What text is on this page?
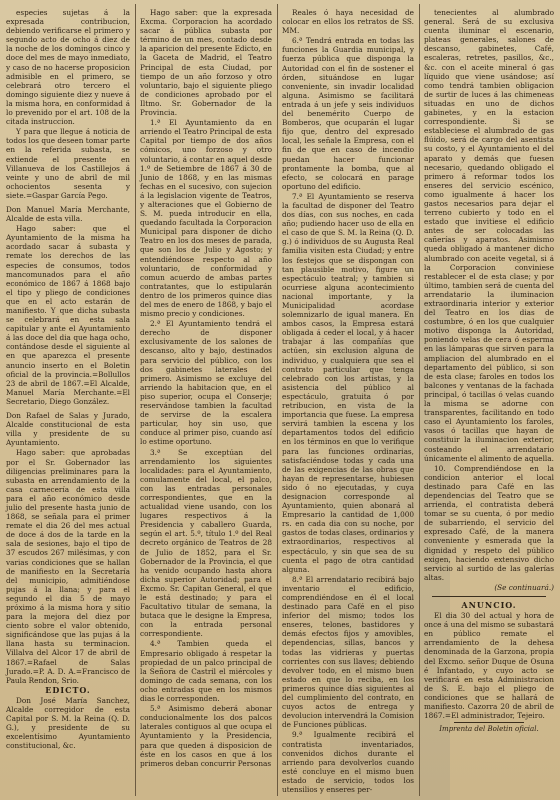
especies sujetas á la expresada contribucion, debiendo verificarse el primero y segundo acto de ocho á diez de la noche de los domingos cinco y doce del mes de mayo inmediato, y caso de no hacerse proposicion admisible en el primero, se celebrará otro tercero el domingo siguiente diez y nueve á la misma hora, en conformidad á lo prevenido por el art. 108 de la citada instruccion.

Y para que llegue á noticia de todos los que deseen tomar parte en la referida subasta, se extiende el presente en Villanueva de los Castillejos á veinte y uno de abril de mil ochocientos sesenta y siete.=Gaspar García Pego.

Don Manuel María Merchante, Alcalde de esta villa.

Hago saber: que el Ayuntamiento de la misma ha acordado sacar á subasta y remate los derechos de las especies de consumos, todos mancomunados para el año económico de 1867 á 1868 bajo el tipo y pliego de condiciones que en el acto estarán de manifiesto. Y que dicha subasta se celebrará en esta sala capitular y ante el Ayuntamiento á las doce del dia que haga ocho, contándose desde el siguiente al en que aparezca el presente anuncio inserto en el Boletin oficial de la provincia.=Bollullos 23 de abril de 1867.=El Alcalde, Manuel María Merchante.=El Secretario, Diego González.

Don Rafael de Salas y Jurado, Alcalde constitucional de esta villa y presidente de su Ayuntamiento.

Hago saber: que aprobadas por el Sr. Gobernador las diligencias preliminares para la subasta en arrendamiento de la casa carnecería de esta villa para el año económico desde julio del presente hasta junio de 1868, se señala para el primer remate el dia 26 del mes actual de doce á dos de la tarde en la sala de sesiones, bajo el tipo de 37 escudos 267 milésimas, y con varias condiciones que se hallan de manifiesto en la Secretaría del municipio, admitiéndose pujas á la llana; y para el segundo el dia 5 de mayo próximo á la misma hora y sitio para la mejora del diez por ciento sobre el valor obtenido, significándose que las pujas á la llana hasta su terminacion. Villalva del Alcor 17 de abril de 1867.=Rafael de Salas Jurado.=P. A. D. A.=Francisco de Paula Rendon, Srio.

EDICTO.

Don José María Sanchez, Alcalde corregidor de esta Capital por S. M. la Reina (Q. D. G.), y presidente de su excelentísimo Ayuntamiento constitucional, &c.

Hago saber: que la expresada Excma. Corporacion ha acordado sacar á pública subasta por término de un mes, contado desde la aparicion del presente Edicto, en la Gaceta de Madrid, el Teatro Principal de esta Ciudad, por tiempo de un año forzoso y otro voluntario, bajo el siguiente pliego de condiciones aprobado por el Iltmo. Sr. Gobernador de la Provincia.

1.ª El Ayuntamiento da en arriendo el Teatro Principal de esta Capital por tiempo de dos años cómicos, uno forzoso y otro voluntario, á contar en aquel desde 1.º de Setiembre de 1867 á 30 de Junio de 1868, y en las mismas fechas en el sucesivo, con sujecion á la legislacion vigente de Teatros, y alteraciones que el Gobierno de S. M. pueda introducir en ella, quedando facultada la Corporacion Municipal para disponer de dicho Teatro en los dos meses de parada, que son los de Julio y Agosto; y entendiéndose respecto al año voluntario, de conformidad y comun acuerdo de ambas partes contratantes, que lo estipularán dentro de los primeros quince dias del mes de enero de 1868, y bajo el mismo precio y condiciones.

2.ª El Ayuntamiento tendrá el derecho de disponer exclusivamente de los salones de descanso, alto y bajo, destinados para servicio del público, con los dos gabinetes laterales del primero. Asimismo se excluye del arriendo la habitacion que, en el piso superior, ocupa el Conserje; reservándose tambien la facultad de servirse de la escalera particular, hoy sin uso, que conduce al primer piso, cuando así lo estime oportuno.

3.ª Se exceptúan del arrendamiento los siguientes localidades: para el Ayuntamiento, comulamente del local, el palco, con las entradas personales correspondientes, que en la actualidad viene usando, con los lugares respectivos á la Presidencia y caballero Guarda, según el art. 5.º, título 1.º del Real decreto orgánico de Teatros de 28 de Julio de 1852, para el Sr. Gobernador de la Provincia, el que ha venido ocupando hasta ahora dicha superior Autoridad; para el Excmo. Sr. Capitan General, el que le está destinado; y para el Facultativo titular de semana, la butaca que le designe la Empresa, con la entrada personal correspondiente.

4.ª Tambien queda el Empresario obligado á respetar la propiedad de un palco principal de la Señora de Castril el miércoles y domingo de cada semana, con los ocho entradas que en los mismos dias le corresponden.

5.ª Asimismo deberá abonar conducionalmente los dos palcos laterales contiguos al que ocupa el Ayuntamiento y la Presidencia, para que queden á disposicion de éste en los casos en que á los primeros deban concurrir Personas

Reales ó haya necesidad de colocar en ellos los retratos de SS. MM.

6.ª Tendrá entrada en todas las funciones la Guardia municipal, y fuerza pública que disponga la Autoridad con el fin de sostener el órden, situándose en lugar conveniente, sin invadir localidad alguna. Asimismo se facilitará entrada á un jefe y seis individuos del benemérito Cuerpo de Bomberos, que ocuparán el lugar fijo que, dentro del expresado local, les señale la Empresa, con el fin de que en caso de incendio puedan hacer funcionar prontamente la bomba, que al efecto, se colocará en parage oportuno del edificio.

7.ª El Ayuntamiento se reserva la facultad de disponer del Teatro dos días, con sus noches, en cada año; pudiendo hacer uso de ella en el caso de que S. M. la Reina (Q. D. g.) ó individuos de su Augusta Real familia visiten esta Ciudad; y entre los festejos que se dispongan con tan plausible motivo, figure un espectáculo teatral; y tambien si ocurriese alguna acontecimiento nacional importante, y la Municipalidad acordase solemnizarlo de igual manera. En ambos casos, la Empresa estará obligada á ceder el local, y á hacer trabajar á las compañías que actúen, sin exclusion alguna de individuo, y cualquiera que sea el contrato particular que tenga celebrado con los artistas, y la asistencia del público al espectáculo, gratuita ó por retribucion, en vista de la importancia que fuese. La empresa servirá tambien la escena y los departamentos todos del edificio en los términos en que lo verifique para las funciones ordinarias, satisfaciéndose todas y cada una de las exigencias de las obras que hayan de representarse, hubiesen sido ó no ejecutadas, y cuya designacion corresponde al Ayuntamiento, quien abonará al Empresario la cantidad de 1,000 rs. en cada dia con su noche, por gastos de todas clases, ordinarios y extraordinarios, respectivos al espectáculo, y sin que sea de su cuenta el pago de otra cantidad alguna.

8.ª El arrendatario recibirá bajo inventario el edificio, comprendiéndose en él el local destinado para Café en el piso inferior del mismo; todos los enseres, telones, bastidores y demás efectos fijos y amovibles, dependencias, sillas, bancos y todas las vidrieras y puertas corrientes con sus llaves; debiendo devolver todo, en el mismo buen estado en que lo reciba, en los primeros quince días siguientes al del cumplimiento del contrato, en cuyos actos de entrega y devolucion intervendrá la Comision de Funciones públicas.

9.ª Igualmente recibirá el contratista inventariados, convenidos dichos durante el arriendo para devolverlos cuando esté concluye en el mismo buen estado de servicio, todos los utensilios y enseres per-

tenecientes al alumbrado general. Será de su exclusiva cuenta iluminar el escenario, plateas generales, salones de descanso, gabinetes, Café, escaleras, retretes, pasillos, &c., &c. con el aceite mineral ó gas líquido que viene usándose; así como tendrá tambien obligacion de surtir de luces á las chimeneas situadas en uno de dichos gabinetes, y en la estacion correspondiente. Si se estableciese el alumbrado de gas flúido, será de cargo del asentista su costo, y el Ayuntamiento el del aparato y demás que fuesen necesario, quedando obligado el primero á reformar todos los enseres del servicio escénico, como igualmente á hacer los gastos necesarios para dejar el terreno cubierto y todo en el estado que invitiese el edificio antes de ser colocadas las cañerías y aparatos. Asimismo queda obligado á mantener dicho alumbrado con aceite vegetal, si á la Corporacion conviniese restablecer el de esta clase; y por último, tambien será de cuenta del arrendatario la iluminacion extraordinaria interior y exterior del Teatro en los dias de costumbre, ó en los que cualquier motivo disponga la Autoridad, poniendo velas de cera ó esperma en las lámparas que sirven para la ampliacion del alumbrado en el departamento del público, si son de esta clase; faroles en todos los balcones y ventanas de la fachada principal, ó tacillas ó velas cuando la misma se adorne con transparentes, facilitando en todo caso el Ayuntamiento los faroles, vasos ó tacillas que hayan de constituir la iluminacion exterior, costeando el arrendatario únicamente el alimento de aquella.

10. Comprendiéndose en la condicion anterior el local destinado para Café en las dependencias del Teatro que se arrienda, el contratista deberá tomar se su cuenta, ó por medio de subarriendo, el servicio del expresado Café, de la manera conveniente y esmerada que la dignidad y respeto del público exigen, haciendo extensivo dicho servicio al surtido de las galerías altas.

(Se continuará.)

ANUNCIO.

El dia 30 del actual y hora de once á una del mismo se subastará en público remate el arrendamiento de la dehesa denominada de la Garzona, propia del Excmo. señor Duque de Osuna é Infantado, y cuyo acto se verificará en esta Administracion de S. E. bajo el pliego de condiciones que se hallará de manifiesto. Cazorra 20 de abril de 1867.=El administrador, Tejeiro.

Imprenta del Boletin oficial.
